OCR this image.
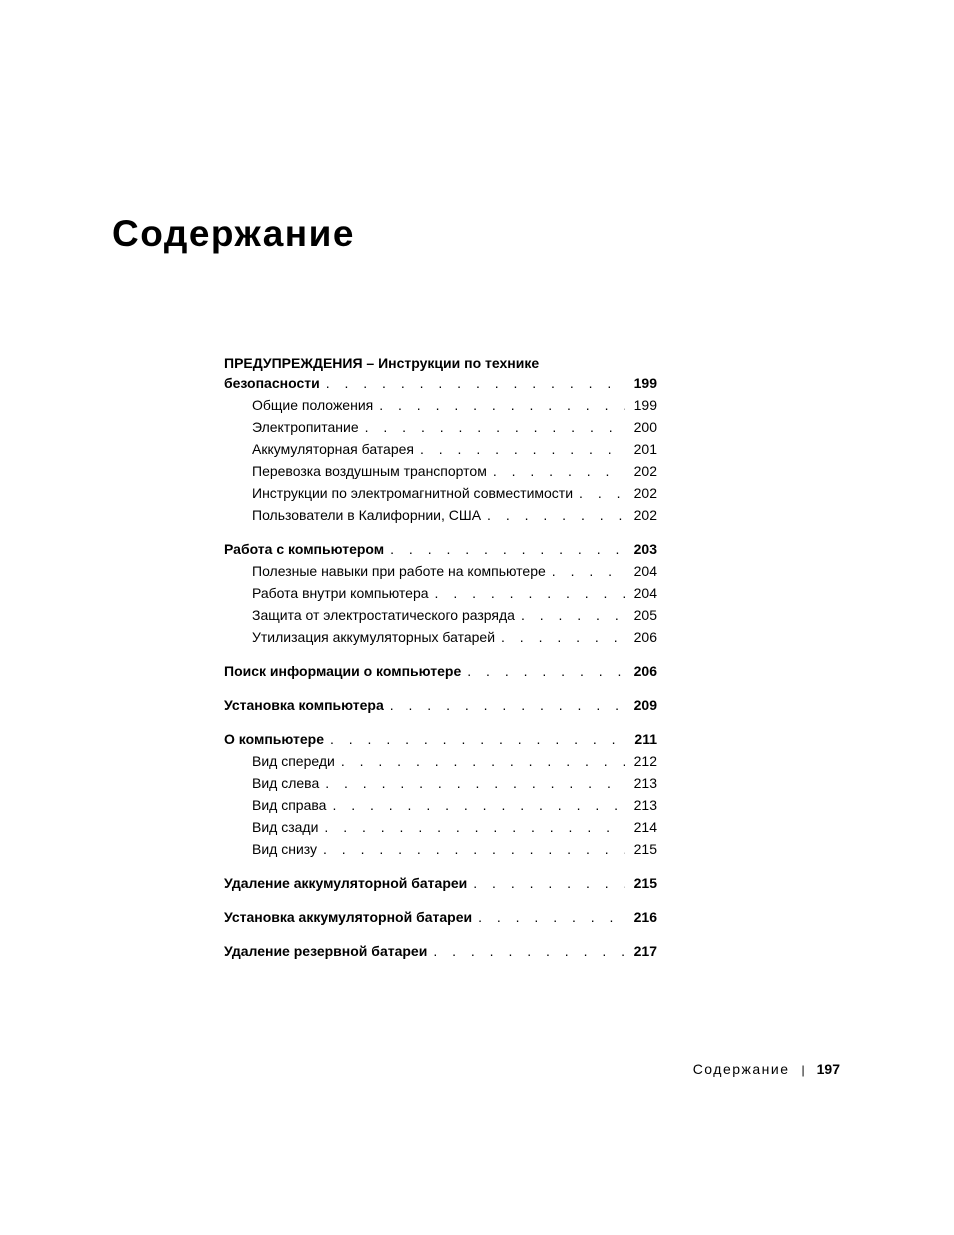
Содержание
ПРЕДУПРЕЖДЕНИЯ – Инструкции по технике
безопасности . . .	199
Общие положения . . .	199
Электропитание . . .	200
Аккумуляторная батарея . . .	201
Перевозка воздушным транспортом . . .	202
Инструкции по электромагнитной совместимости . . .	202
Пользователи в Калифорнии, США . . .	202
Работа с компьютером . . .	203
Полезные навыки при работе на компьютере . . .	204
Работа внутри компьютера . . .	204
Защита от электростатического разряда . . .	205
Утилизация аккумуляторных батарей . . .	206
Поиск информации о компьютере . . .	206
Установка компьютера . . .	209
О компьютере . . .	211
Вид спереди . . .	212
Вид слева . . .	213
Вид справа . . .	213
Вид сзади . . .	214
Вид снизу . . .	215
Удаление аккумуляторной батареи . . .	215
Установка аккумуляторной батареи . . .	216
Удаление резервной батареи . . .	217
Содержание | 197
